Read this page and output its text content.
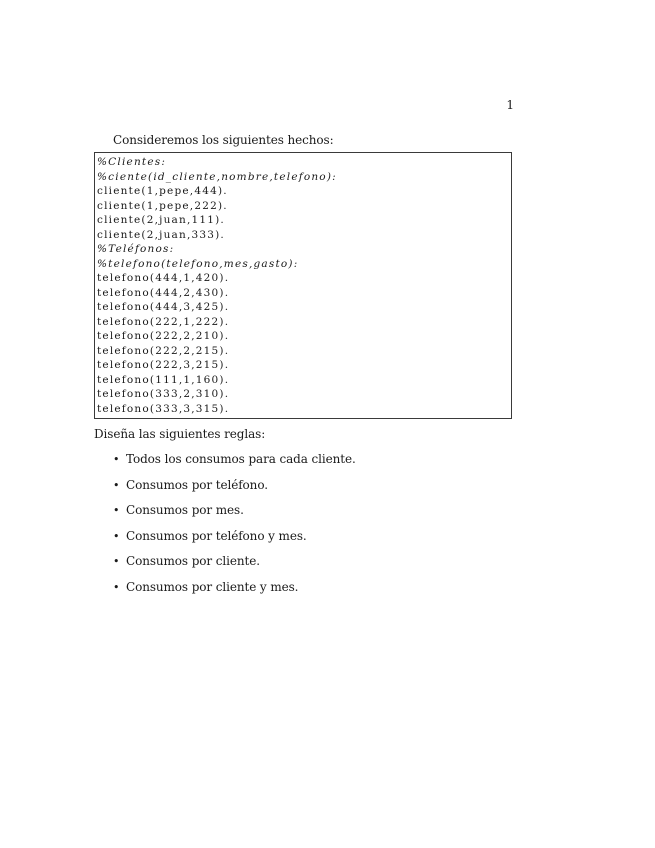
1
Consideremos los siguientes hechos:
%Clientes:
%ciente(id_cliente,nombre,telefono):
cliente(1,pepe,444).
cliente(1,pepe,222).
cliente(2,juan,111).
cliente(2,juan,333).
%Teléfonos:
%telefono(telefono,mes,gasto):
telefono(444,1,420).
telefono(444,2,430).
telefono(444,3,425).
telefono(222,1,222).
telefono(222,2,210).
telefono(222,2,215).
telefono(222,3,215).
telefono(111,1,160).
telefono(333,2,310).
telefono(333,3,315).
Diseña las siguientes reglas:
• Todos los consumos para cada cliente.
• Consumos por teléfono.
• Consumos por mes.
• Consumos por teléfono y mes.
• Consumos por cliente.
• Consumos por cliente y mes.
